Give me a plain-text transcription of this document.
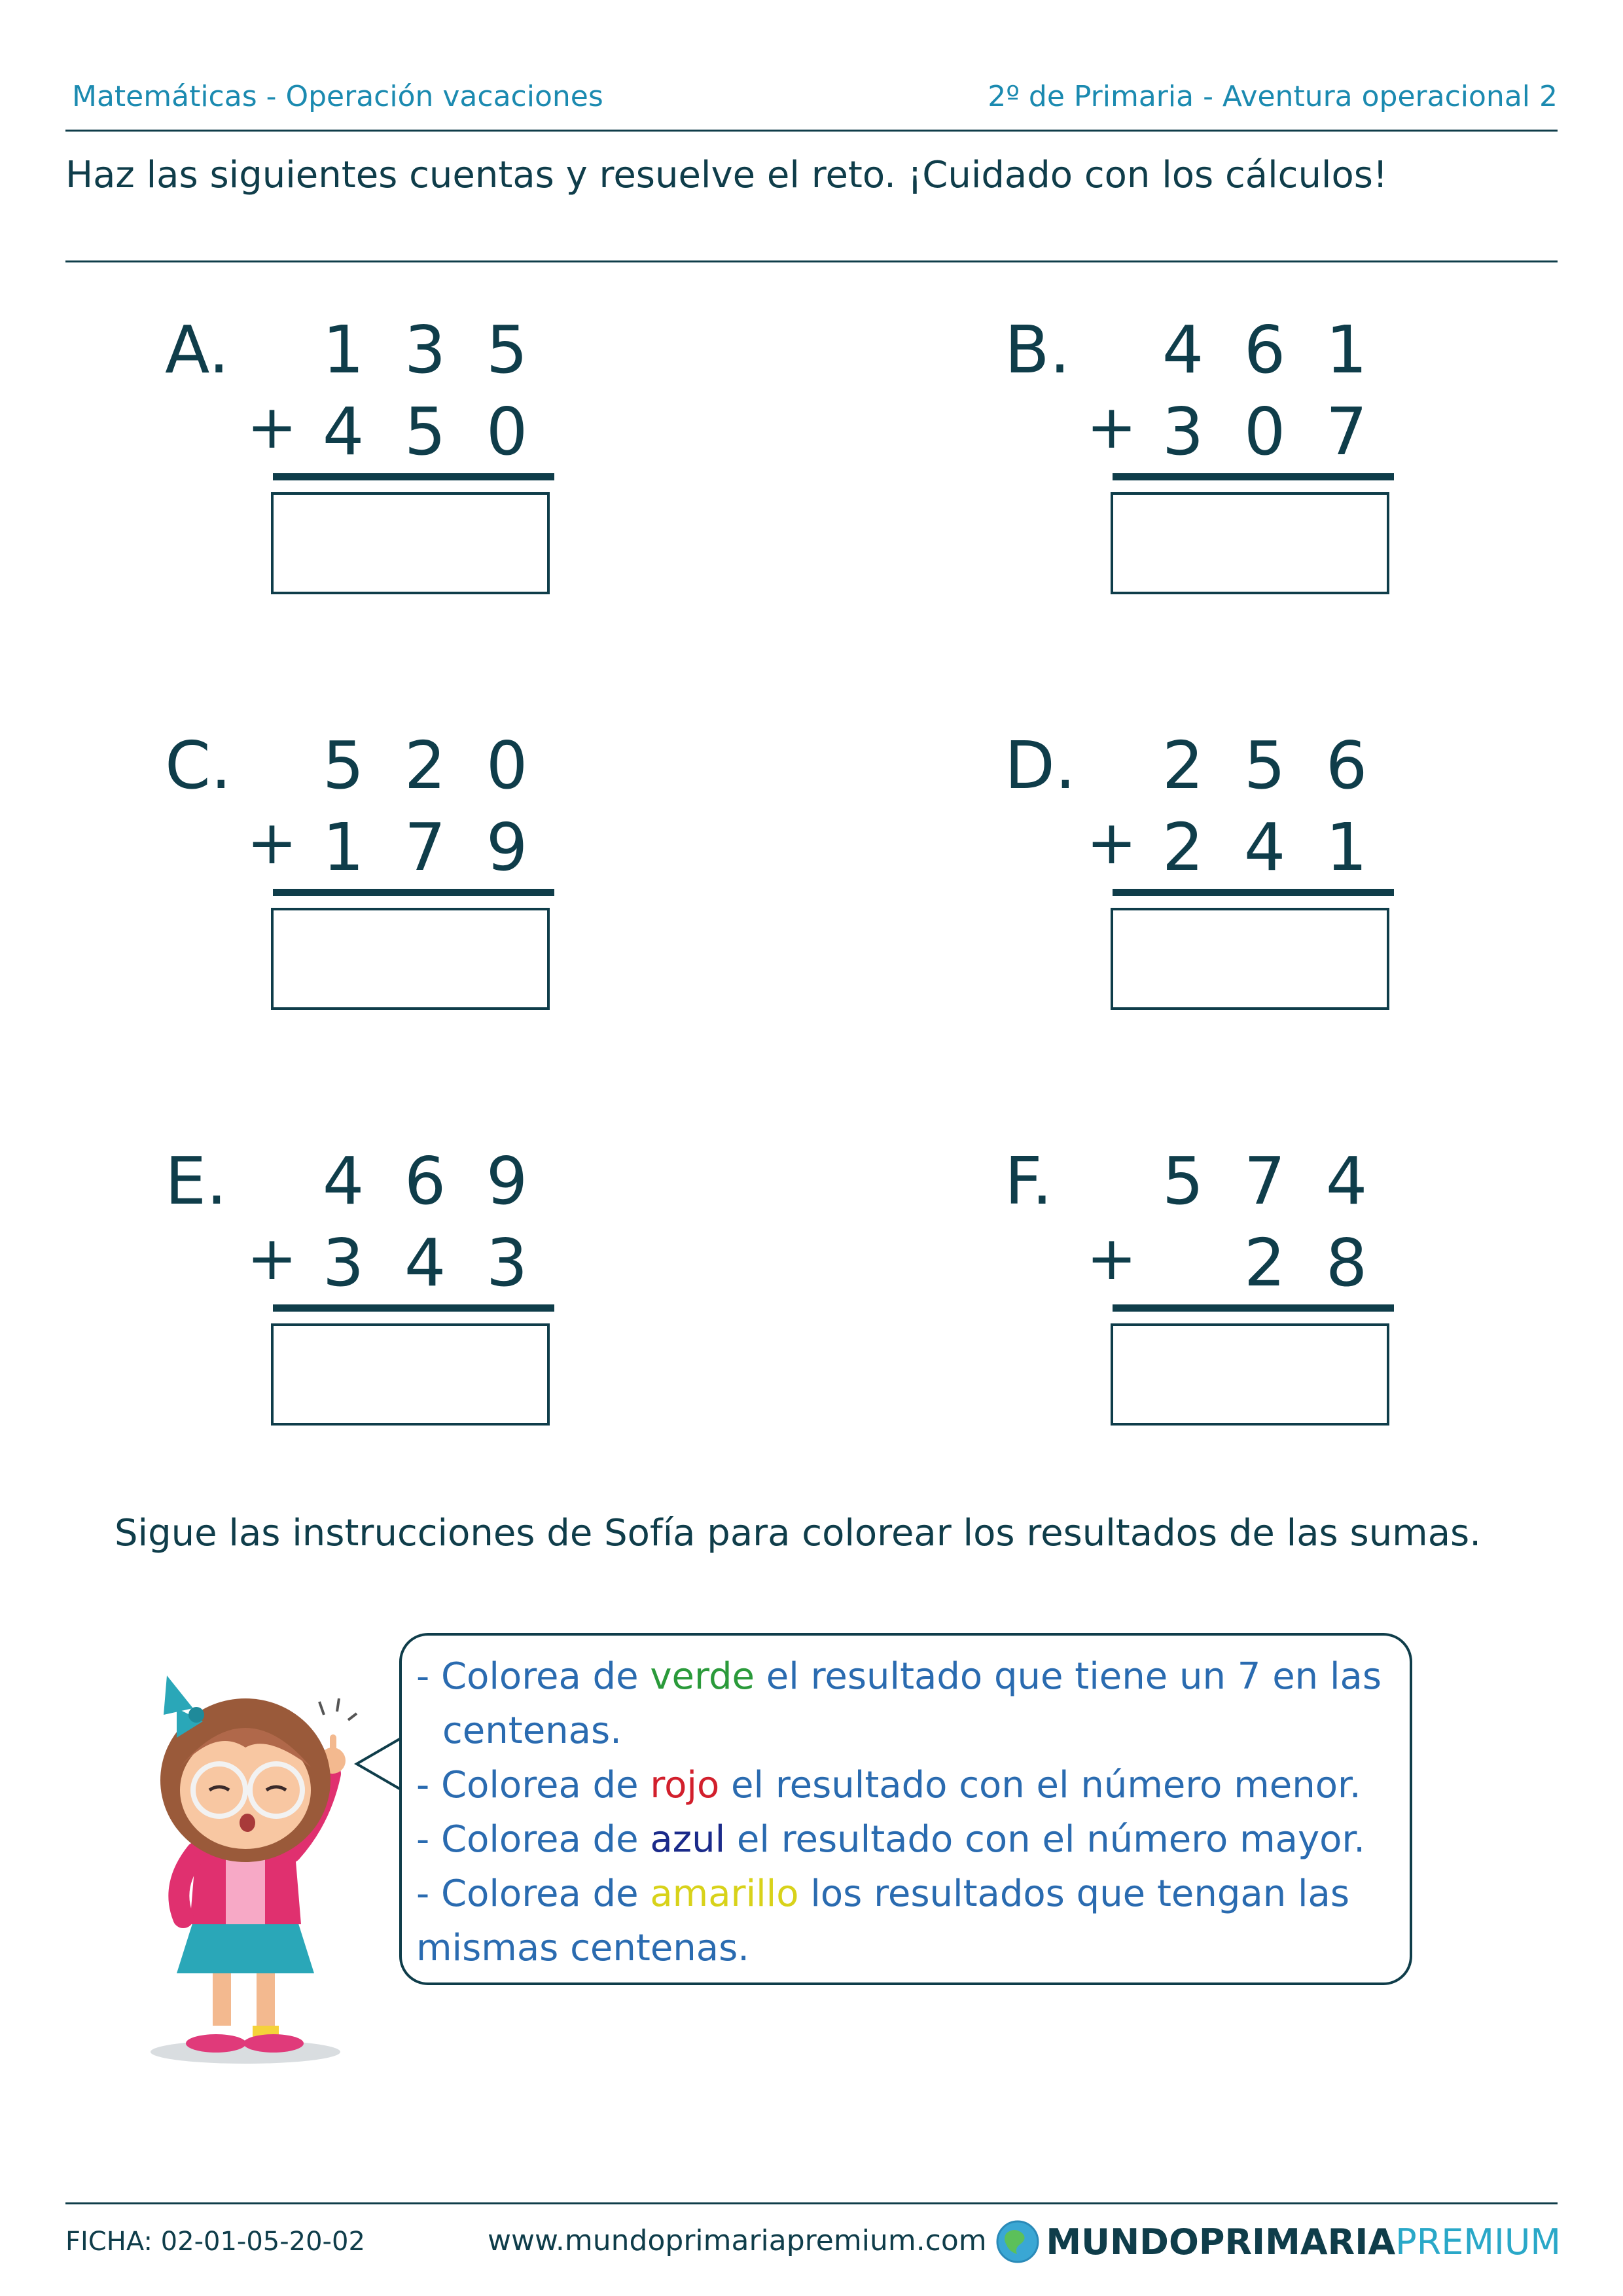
Matemáticas - Operación vacaciones	2º de Primaria - Aventura operacional 2
Haz las siguientes cuentas y resuelve el reto. ¡Cuidado con los cálculos!
A.	1 3 5
+ 4 5 0
B.	4 6 1
+ 3 0 7
C.	5 2 0
+ 1 7 9
D.	2 5 6
+ 2 4 1
E.	4 6 9
+ 3 4 3
F.	5 7 4
+	2 8
Sigue las instrucciones de Sofía para colorear los resultados de las sumas.
- Colorea de verde el resultado que tiene un 7 en las
centenas.
- Colorea de rojo el resultado con el número menor.
- Colorea de azul el resultado con el número mayor.
- Colorea de amarillo los resultados que tengan las
mismas centenas.
FICHA: 02-01-05-20-02	www.mundoprimariapremium.com MUNDOPRIMARIA PREMIUM
